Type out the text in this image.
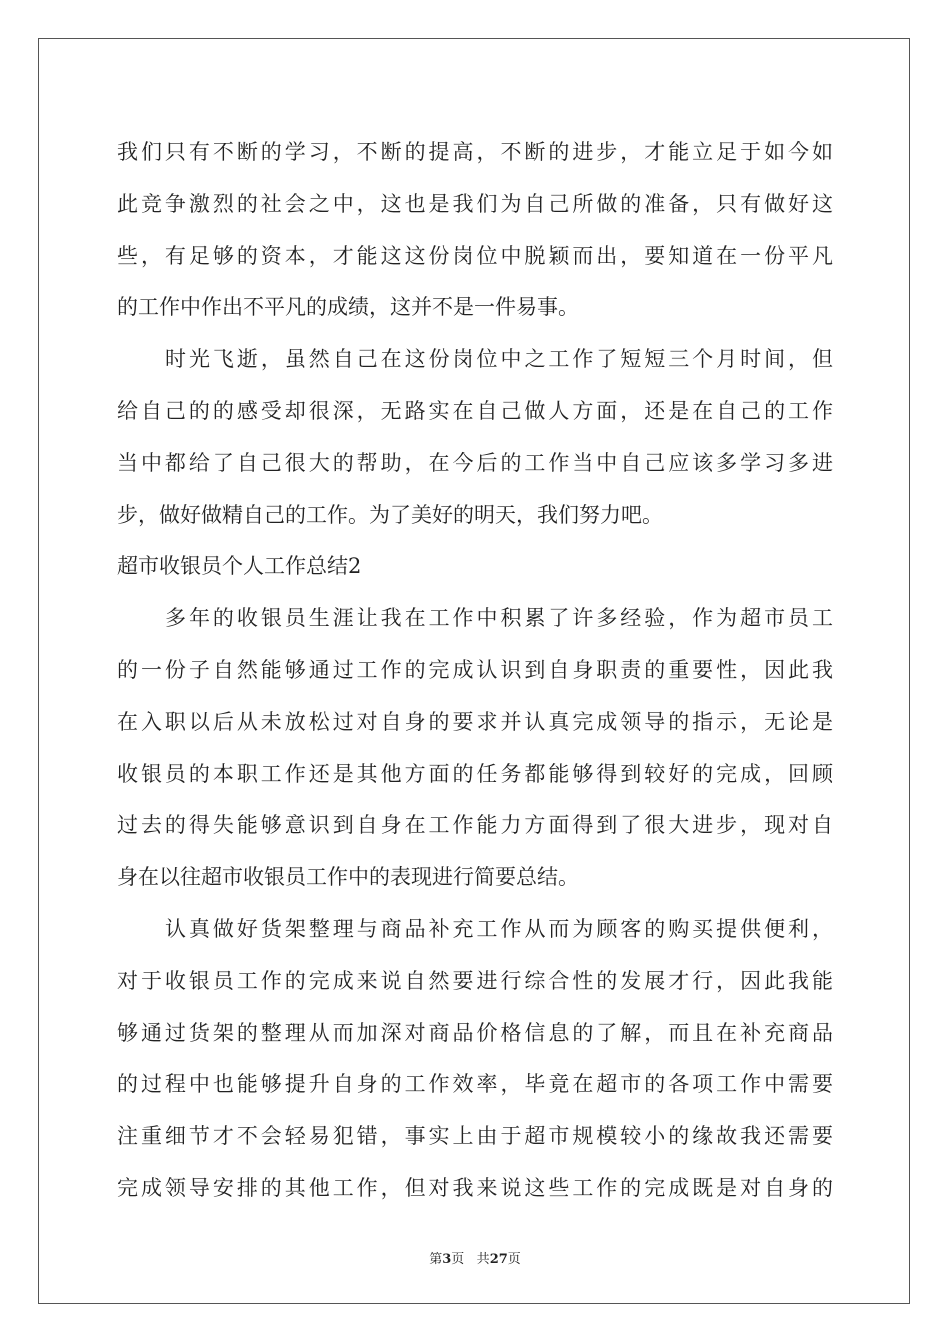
我们只有不断的学习，不断的提高，不断的进步，才能立足于如今如
此竞争激烈的社会之中，这也是我们为自己所做的准备，只有做好这
些，有足够的资本，才能这这份岗位中脱颖而出，要知道在一份平凡
的工作中作出不平凡的成绩，这并不是一件易事。
时光飞逝，虽然自己在这份岗位中之工作了短短三个月时间，但
给自己的的感受却很深，无路实在自己做人方面，还是在自己的工作
当中都给了自己很大的帮助，在今后的工作当中自己应该多学习多进
步，做好做精自己的工作。为了美好的明天，我们努力吧。
超市收银员个人工作总结2
多年的收银员生涯让我在工作中积累了许多经验，作为超市员工
的一份子自然能够通过工作的完成认识到自身职责的重要性，因此我
在入职以后从未放松过对自身的要求并认真完成领导的指示，无论是
收银员的本职工作还是其他方面的任务都能够得到较好的完成，回顾
过去的得失能够意识到自身在工作能力方面得到了很大进步，现对自
身在以往超市收银员工作中的表现进行简要总结。
认真做好货架整理与商品补充工作从而为顾客的购买提供便利，
对于收银员工作的完成来说自然要进行综合性的发展才行，因此我能
够通过货架的整理从而加深对商品价格信息的了解，而且在补充商品
的过程中也能够提升自身的工作效率，毕竟在超市的各项工作中需要
注重细节才不会轻易犯错，事实上由于超市规模较小的缘故我还需要
完成领导安排的其他工作，但对我来说这些工作的完成既是对自身的
第3页 共27页
